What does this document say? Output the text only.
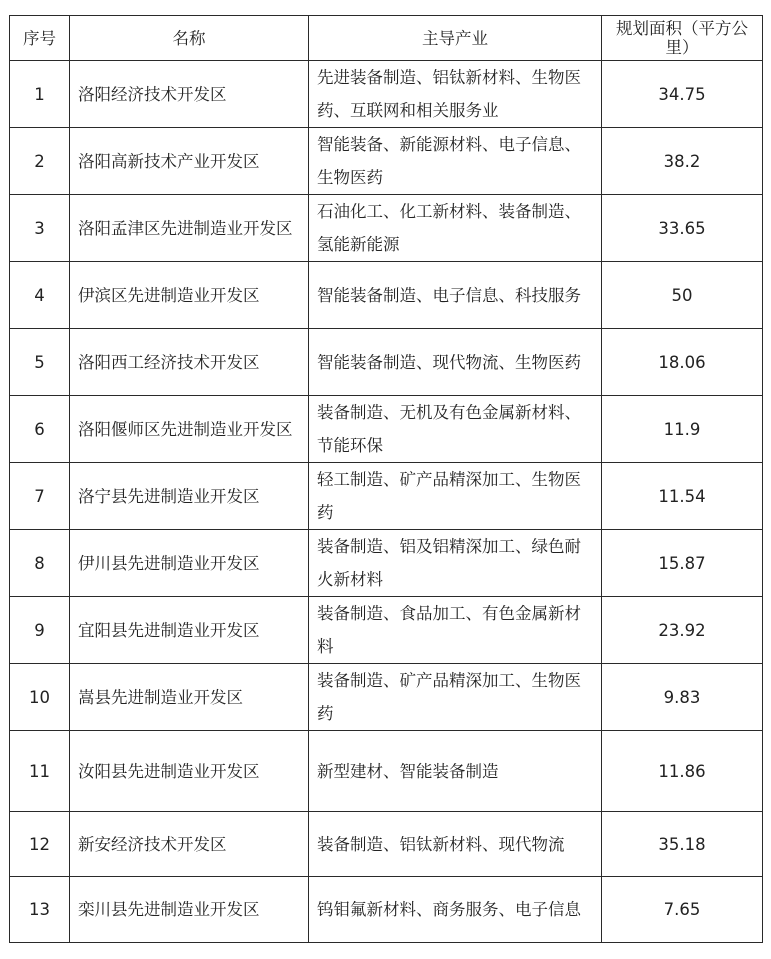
序号	名称	主导产业	规划面积（平方公里）
1	洛阳经济技术开发区	先进装备制造、铝钛新材料、生物医药、互联网和相关服务业	34.75
2	洛阳高新技术产业开发区	智能装备、新能源材料、电子信息、生物医药	38.2
3	洛阳孟津区先进制造业开发区	石油化工、化工新材料、装备制造、氢能新能源	33.65
4	伊滨区先进制造业开发区	智能装备制造、电子信息、科技服务	50
5	洛阳西工经济技术开发区	智能装备制造、现代物流、生物医药	18.06
6	洛阳偃师区先进制造业开发区	装备制造、无机及有色金属新材料、节能环保	11.9
7	洛宁县先进制造业开发区	轻工制造、矿产品精深加工、生物医药	11.54
8	伊川县先进制造业开发区	装备制造、铝及铝精深加工、绿色耐火新材料	15.87
9	宜阳县先进制造业开发区	装备制造、食品加工、有色金属新材料	23.92
10	嵩县先进制造业开发区	装备制造、矿产品精深加工、生物医药	9.83
11	汝阳县先进制造业开发区	新型建材、智能装备制造	11.86
12	新安经济技术开发区	装备制造、铝钛新材料、现代物流	35.18
13	栾川县先进制造业开发区	钨钼氟新材料、商务服务、电子信息	7.65
